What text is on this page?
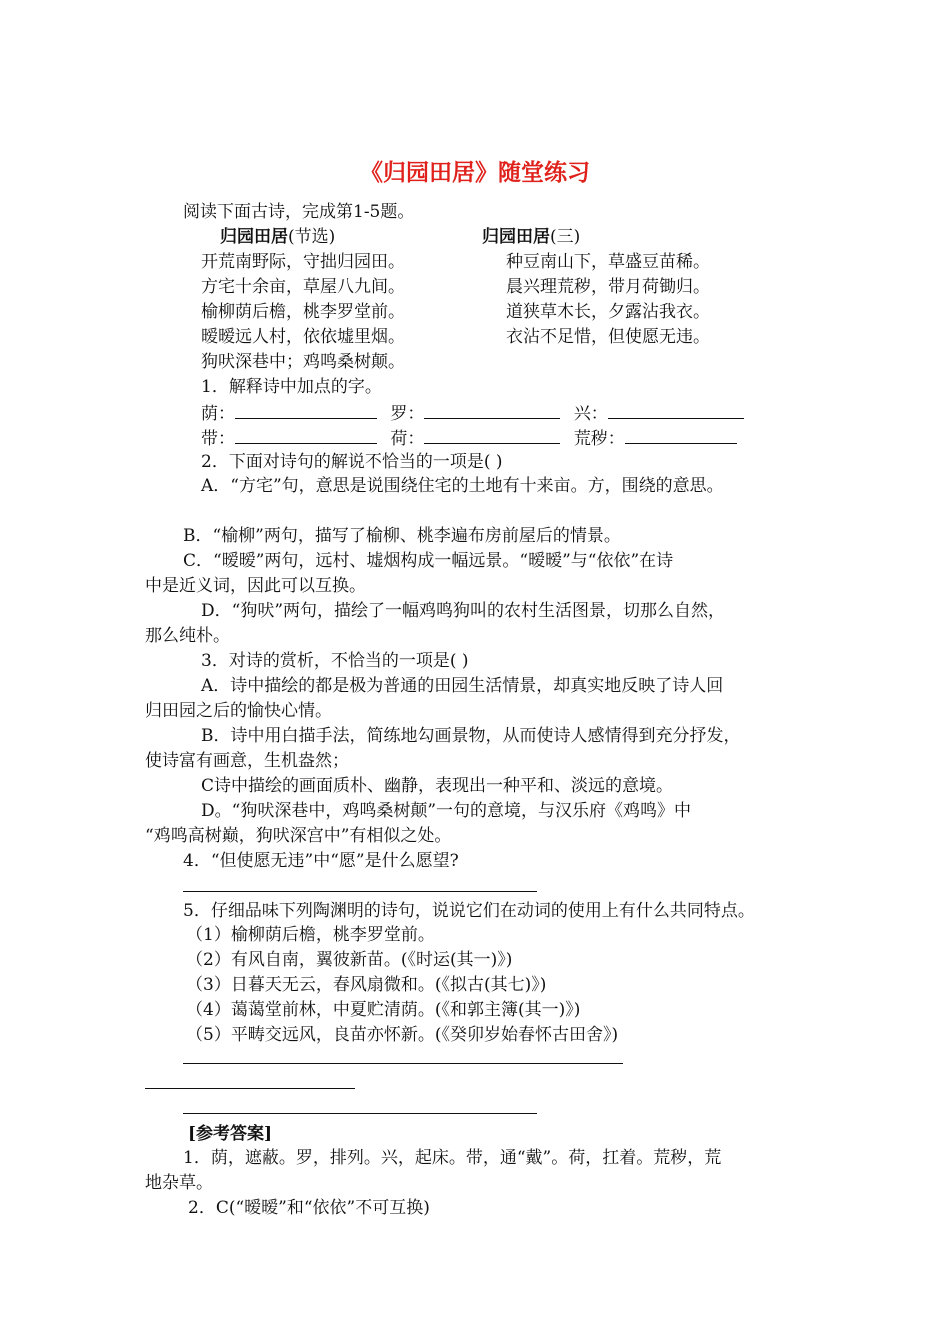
《归园田居》随堂练习
阅读下面古诗，完成第1-5题。
归园田居(节选)	归园田居(三)
开荒南野际，守拙归园田。
方宅十余亩，草屋八九间。
榆柳荫后檐，桃李罗堂前。
暧暧远人村，依依墟里烟。
狗吠深巷中；鸡鸣桑树颠。
种豆南山下，草盛豆苗稀。
晨兴理荒秽，带月荷锄归。
道狭草木长，夕露沾我衣。
衣沾不足惜，但使愿无违。
1．解释诗中加点的字。
荫：	罗：	兴：
带：	荷：	荒秽：
2．下面对诗句的解说不恰当的一项是( )
A．“方宅”句，意思是说围绕住宅的土地有十来亩。方，围绕的意思。
B．“榆柳”两句，描写了榆柳、桃李遍布房前屋后的情景。
C．“暧暧”两句，远村、墟烟构成一幅远景。“暧暧”与“依依”在诗
中是近义词，因此可以互换。
D．“狗吠”两句，描绘了一幅鸡鸣狗叫的农村生活图景，切那么自然，
那么纯朴。
3．对诗的赏析，不恰当的一项是( )
A．诗中描绘的都是极为普通的田园生活情景，却真实地反映了诗人回
归田园之后的愉快心情。
B．诗中用白描手法，简练地勾画景物，从而使诗人感情得到充分抒发，
使诗富有画意，生机盎然；
C诗中描绘的画面质朴、幽静，表现出一种平和、淡远的意境。
D。“狗吠深巷中，鸡鸣桑树颠”一句的意境，与汉乐府《鸡鸣》中
“鸡鸣高树巅，狗吠深宫中”有相似之处。
4．“但使愿无违”中“愿”是什么愿望?
5．仔细品味下列陶渊明的诗句，说说它们在动词的使用上有什么共同特点。
（1）榆柳荫后檐，桃李罗堂前。
（2）有风自南，翼彼新苗。(《时运(其一)》)
（3）日暮天无云，春风扇微和。(《拟古(其七)》)
（4）蔼蔼堂前林，中夏贮清荫。(《和郭主簿(其一)》)
（5）平畴交远风，良苗亦怀新。(《癸卯岁始春怀古田舍》)
[参考答案]
1．荫，遮蔽。罗，排列。兴，起床。带，通“戴”。荷，扛着。荒秽，荒
地杂草。
2．C(“暧暧”和“依依”不可互换)
